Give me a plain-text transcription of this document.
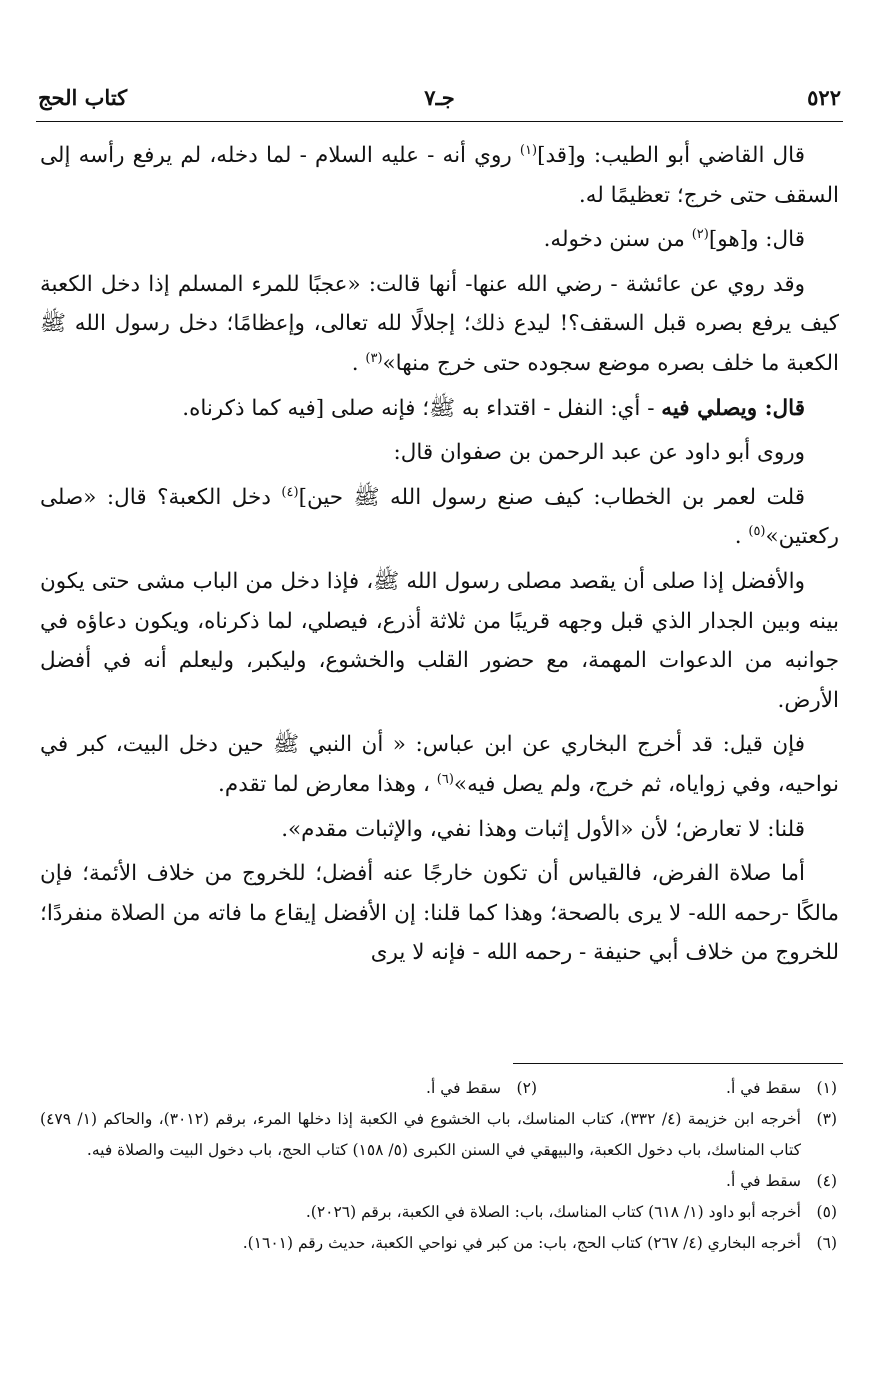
٥٢٢
جـ٧
كتاب الحج

قال القاضي أبو الطيب: و[قد]$^{(١)}$ روي أنه - عليه السلام - لما دخله، لم يرفع رأسه إلى السقف حتى خرج؛ تعظيمًا له.

قال: و[هو]$^{(٢)}$ من سنن دخوله.

وقد روي عن عائشة - رضي الله عنها- أنها قالت: «عجبًا للمرء المسلم إذا دخل الكعبة كيف يرفع بصره قبل السقف؟! ليدع ذلك؛ إجلالًا لله تعالى، وإعظامًا؛ دخل رسول الله ﷺ الكعبة ما خلف بصره موضع سجوده حتى خرج منها»$^{(٣)}$ .

قال: ويصلي فيه - أي: النفل - اقتداء به ﷺ؛ فإنه صلى [فيه كما ذكرناه.

وروى أبو داود عن عبد الرحمن بن صفوان قال:

قلت لعمر بن الخطاب: كيف صنع رسول الله ﷺ حين]$^{(٤)}$ دخل الكعبة؟ قال: «صلى ركعتين»$^{(٥)}$ .

والأفضل إذا صلى أن يقصد مصلى رسول الله ﷺ، فإذا دخل من الباب مشى حتى يكون بينه وبين الجدار الذي قبل وجهه قريبًا من ثلاثة أذرع، فيصلي، لما ذكرناه، ويكون دعاؤه في جوانبه من الدعوات المهمة، مع حضور القلب والخشوع، وليكبر، وليعلم أنه في أفضل الأرض.

فإن قيل: قد أخرج البخاري عن ابن عباس: « أن النبي ﷺ حين دخل البيت، كبر في نواحيه، وفي زواياه، ثم خرج، ولم يصل فيه»$^{(٦)}$ ، وهذا معارض لما تقدم.

قلنا: لا تعارض؛ لأن «الأول إثبات وهذا نفي، والإثبات مقدم».

أما صلاة الفرض، فالقياس أن تكون خارجًا عنه أفضل؛ للخروج من خلاف الأئمة؛ فإن مالكًا -رحمه الله- لا يرى بالصحة؛ وهذا كما قلنا: إن الأفضل إيقاع ما فاته من الصلاة منفردًا؛ للخروج من خلاف أبي حنيفة - رحمه الله - فإنه لا يرى

(١)
سقط في أ.
(٢)
سقط في أ.
(٣)
أخرجه ابن خزيمة (٤/ ٣٣٢)، كتاب المناسك، باب الخشوع في الكعبة إذا دخلها المرء، برقم (٣٠١٢)، والحاكم (١/ ٤٧٩) كتاب المناسك، باب دخول الكعبة، والبيهقي في السنن الكبرى (٥/ ١٥٨) كتاب الحج، باب دخول البيت والصلاة فيه.
(٤)
سقط في أ.
(٥)
أخرجه أبو داود (١/ ٦١٨) كتاب المناسك، باب: الصلاة في الكعبة، برقم (٢٠٢٦).
(٦)
أخرجه البخاري (٤/ ٢٦٧) كتاب الحج، باب: من كبر في نواحي الكعبة، حديث رقم (١٦٠١).
